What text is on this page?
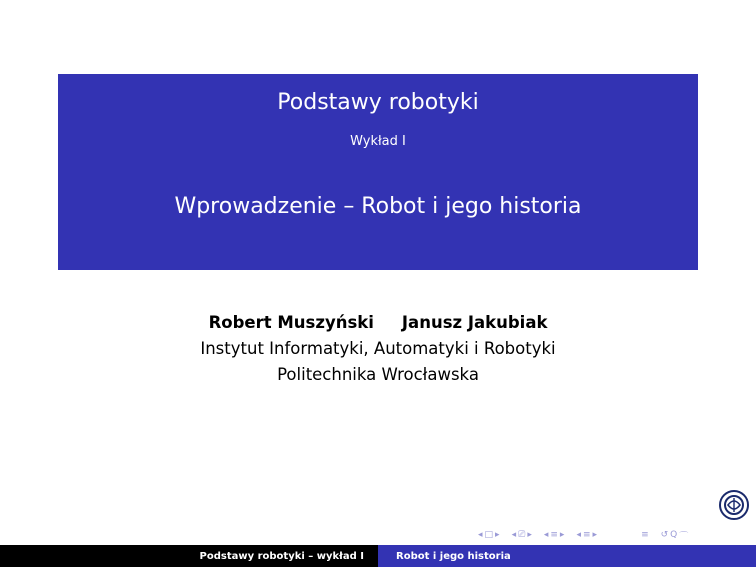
Podstawy robotyki
Wykład I
Wprowadzenie – Robot i jego historia
Robert Muszyński Janusz Jakubiak
Instytut Informatyki, Automatyki i Robotyki
Politechnika Wrocławska
◂ □ ▸ ◂ ⎚ ▸ ◂ ≡ ▸ ◂ ≡ ▸	≡ ↺ Q ⌒
Podstawy robotyki – wykład I	Robot i jego historia
